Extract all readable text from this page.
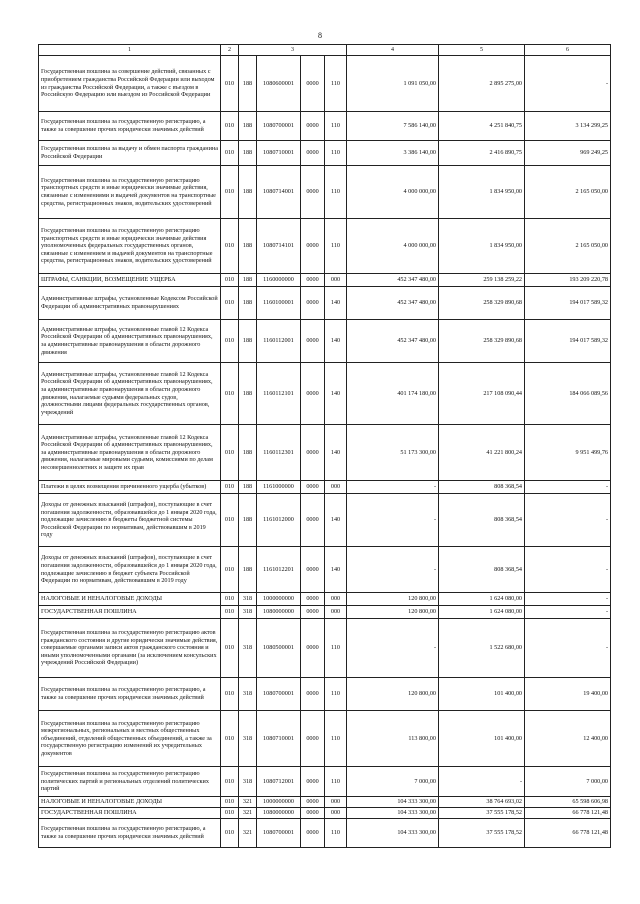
8
1	2	3				4	5	6
Государственная пошлина за совершение действий, связанных с приобретением гражданства Российской Федерации или выходом из гражданства Российской Федерации, а также с въездом в Российскую Федерацию или выездом из Российской Федерации	010	188	1080600001	0000	110	1 091 050,00	2 895 275,00	-
Государственная пошлина за государственную регистрацию, а также за совершение прочих юридически значимых действий	010	188	1080700001	0000	110	7 586 140,00	4 251 840,75	3 134 299,25
Государственная пошлина за выдачу и обмен паспорта гражданина Российской Федерации	010	188	1080710001	0000	110	3 386 140,00	2 416 890,75	969 249,25
Государственная пошлина за государственную регистрацию транспортных средств и иные юридически значимые действия, связанные с изменениями и выдачей документов на транспортные средства, регистрационных знаков, водительских удостоверений	010	188	1080714001	0000	110	4 000 000,00	1 834 950,00	2 165 050,00
Государственная пошлина за государственную регистрацию транспортных средств и иные юридически значимые действия уполномоченных федеральных государственных органов, связанные с изменением и выдачей документов на транспортные средства, регистрационных знаков, водительских удостоверений	010	188	1080714101	0000	110	4 000 000,00	1 834 950,00	2 165 050,00
ШТРАФЫ, САНКЦИИ, ВОЗМЕЩЕНИЕ УЩЕРБА	010	188	1160000000	0000	000	452 347 480,00	259 138 259,22	193 209 220,78
Административные штрафы, установленные Кодексом Российской Федерации об административных правонарушениях	010	188	1160100001	0000	140	452 347 480,00	258 329 890,68	194 017 589,32
Административные штрафы, установленные главой 12 Кодекса Российской Федерации об административных правонарушениях, за административные правонарушения в области дорожного движения	010	188	1160112001	0000	140	452 347 480,00	258 329 890,68	194 017 589,32
Административные штрафы, установленные главой 12 Кодекса Российской Федерации об административных правонарушениях, за административные правонарушения в области дорожного движения, налагаемые судьями федеральных судов, должностными лицами федеральных государственных органов, учреждений	010	188	1160112101	0000	140	401 174 180,00	217 108 090,44	184 066 089,56
Административные штрафы, установленные главой 12 Кодекса Российской Федерации об административных правонарушениях, за административные правонарушения в области дорожного движения, налагаемые мировыми судьями, комиссиями по делам несовершеннолетних и защите их прав	010	188	1160112301	0000	140	51 173 300,00	41 221 800,24	9 951 499,76
Платежи в целях возмещения причиненного ущерба (убытков)	010	188	1161000000	0000	000	-	808 368,54	-
Доходы от денежных взысканий (штрафов), поступающие в счет погашения задолженности, образовавшейся до 1 января 2020 года, подлежащие зачислению в бюджеты бюджетной системы Российской Федерации по нормативам, действовавшим в 2019 году	010	188	1161012000	0000	140	-	808 368,54	-
Доходы от денежных взысканий (штрафов), поступающие в счет погашения задолженности, образовавшейся до 1 января 2020 года, подлежащие зачислению в бюджет субъекта Российской Федерации по нормативам, действовавшим в 2019 году	010	188	1161012201	0000	140	-	808 368,54	-
НАЛОГОВЫЕ И НЕНАЛОГОВЫЕ ДОХОДЫ	010	318	1000000000	0000	000	120 800,00	1 624 080,00	-
ГОСУДАРСТВЕННАЯ ПОШЛИНА	010	318	1080000000	0000	000	120 800,00	1 624 080,00	-
Государственная пошлина за государственную регистрацию актов гражданского состояния и другие юридически значимые действия, совершаемые органами записи актов гражданского состояния и иными уполномоченными органами (за исключением консульских учреждений Российской Федерации)	010	318	1080500001	0000	110	-	1 522 680,00	-
Государственная пошлина за государственную регистрацию, а также за совершение прочих юридически значимых действий	010	318	1080700001	0000	110	120 800,00	101 400,00	19 400,00
Государственная пошлина за государственную регистрацию межрегиональных, региональных и местных общественных объединений, отделений общественных объединений, а также за государственную регистрацию изменений их учредительных документов	010	318	1080710001	0000	110	113 800,00	101 400,00	12 400,00
Государственная пошлина за государственную регистрацию политических партий и региональных отделений политических партий	010	318	1080712001	0000	110	7 000,00	-	7 000,00
НАЛОГОВЫЕ И НЕНАЛОГОВЫЕ ДОХОДЫ	010	321	1000000000	0000	000	104 333 300,00	38 764 693,02	65 598 606,98
ГОСУДАРСТВЕННАЯ ПОШЛИНА	010	321	1080000000	0000	000	104 333 300,00	37 555 178,52	66 778 121,48
Государственная пошлина за государственную регистрацию, а также за совершение прочих юридически значимых действий	010	321	1080700001	0000	110	104 333 300,00	37 555 178,52	66 778 121,48
